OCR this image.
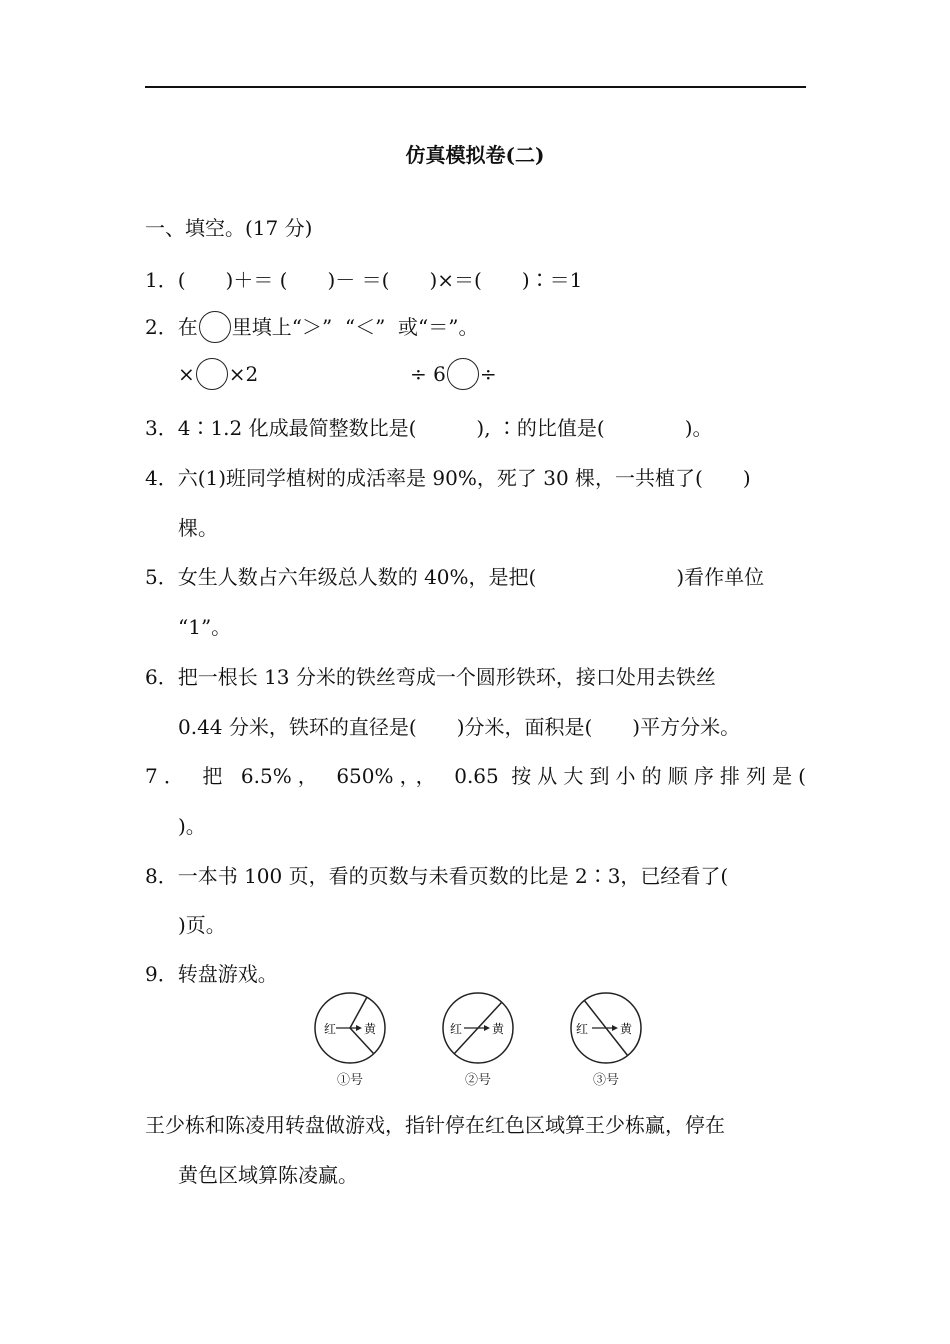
仿真模拟卷(二)
一、填空。(17 分)
1．(　　)＋＝ (　　)－ ＝(　　)×＝(　　)∶＝1
2．在 里填上“＞”  “＜”  或“＝”。
× ×2	÷ 6 ÷
3．4∶1.2 化成最简整数比是(　　　), ∶的比值是(　　　　)。
4．六(1)班同学植树的成活率是 90%，死了 30 棵，一共植了(　　)
棵。
5．女生人数占六年级总人数的 40%，是把(　　　　　　　)看作单位
“1”。
6．把一根长 13 分米的铁丝弯成一个圆形铁环，接口处用去铁丝
0.44 分米，铁环的直径是(　　)分米，面积是(　　)平方分米。
7． 把 6.5%， 650%，， 0.65 按从大到小的顺序排列是(
)。
8．一本书 100 页，看的页数与未看页数的比是 2∶3，已经看了(
)页。
9．转盘游戏。
红 黄
①号
红 黄
②号
红	黄
③号
王少栋和陈凌用转盘做游戏，指针停在红色区域算王少栋赢，停在
黄色区域算陈凌赢。
